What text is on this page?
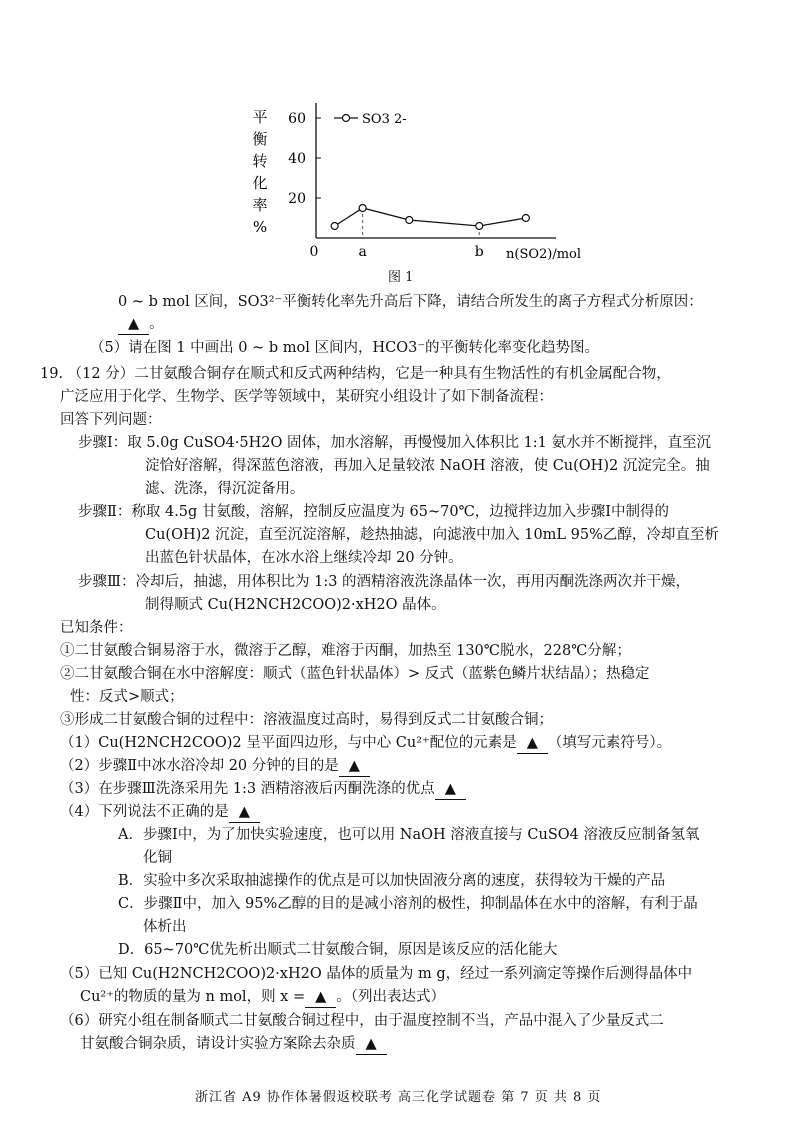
60
40
20
0	a	b n(SO2)/mol
平
衡
转
化
率
%
SO3 2-
图 1
0 ~ b mol 区间，SO3²⁻平衡转化率先升高后下降，请结合所发生的离子方程式分析原因：
▲ 。
（5）请在图 1 中画出 0 ~ b mol 区间内，HCO3⁻的平衡转化率变化趋势图。
19. （12 分）二甘氨酸合铜存在顺式和反式两种结构，它是一种具有生物活性的有机金属配合物，
广泛应用于化学、生物学、医学等领域中，某研究小组设计了如下制备流程：
回答下列问题：
步骤Ⅰ：取 5.0g CuSO4·5H2O 固体，加水溶解，再慢慢加入体积比 1:1 氨水并不断搅拌，直至沉
淀恰好溶解，得深蓝色溶液，再加入足量较浓 NaOH 溶液，使 Cu(OH)2 沉淀完全。抽
滤、洗涤，得沉淀备用。
步骤Ⅱ：称取 4.5g 甘氨酸，溶解，控制反应温度为 65~70℃，边搅拌边加入步骤Ⅰ中制得的
Cu(OH)2 沉淀，直至沉淀溶解，趁热抽滤，向滤液中加入 10mL 95%乙醇，冷却直至析
出蓝色针状晶体，在冰水浴上继续冷却 20 分钟。
步骤Ⅲ：冷却后，抽滤，用体积比为 1:3 的酒精溶液洗涤晶体一次，再用丙酮洗涤两次并干燥，
制得顺式 Cu(H2NCH2COO)2·xH2O 晶体。
已知条件：
①二甘氨酸合铜易溶于水，微溶于乙醇，难溶于丙酮，加热至 130℃脱水，228℃分解；
②二甘氨酸合铜在水中溶解度：顺式（蓝色针状晶体）> 反式（蓝紫色鳞片状结晶）；热稳定
性：反式>顺式；
③形成二甘氨酸合铜的过程中：溶液温度过高时，易得到反式二甘氨酸合铜；
（1）Cu(H2NCH2COO)2 呈平面四边形，与中心 Cu²⁺配位的元素是 ▲ （填写元素符号）。
（2）步骤Ⅱ中冰水浴冷却 20 分钟的目的是 ▲
（3）在步骤Ⅲ洗涤采用先 1:3 酒精溶液后丙酮洗涤的优点 ▲
（4）下列说法不正确的是 ▲
A．步骤Ⅰ中，为了加快实验速度，也可以用 NaOH 溶液直接与 CuSO4 溶液反应制备氢氧
化铜
B．实验中多次采取抽滤操作的优点是可以加快固液分离的速度，获得较为干燥的产品
C．步骤Ⅱ中，加入 95%乙醇的目的是减小溶剂的极性，抑制晶体在水中的溶解，有利于晶
体析出
D．65~70℃优先析出顺式二甘氨酸合铜，原因是该反应的活化能大
（5）已知 Cu(H2NCH2COO)2·xH2O 晶体的质量为 m g，经过一系列滴定等操作后测得晶体中
Cu²⁺的物质的量为 n mol，则 x = ▲ 。（列出表达式）
（6）研究小组在制备顺式二甘氨酸合铜过程中，由于温度控制不当，产品中混入了少量反式二
甘氨酸合铜杂质，请设计实验方案除去杂质 ▲
浙江省 A9 协作体暑假返校联考 高三化学试题卷 第 7 页 共 8 页
